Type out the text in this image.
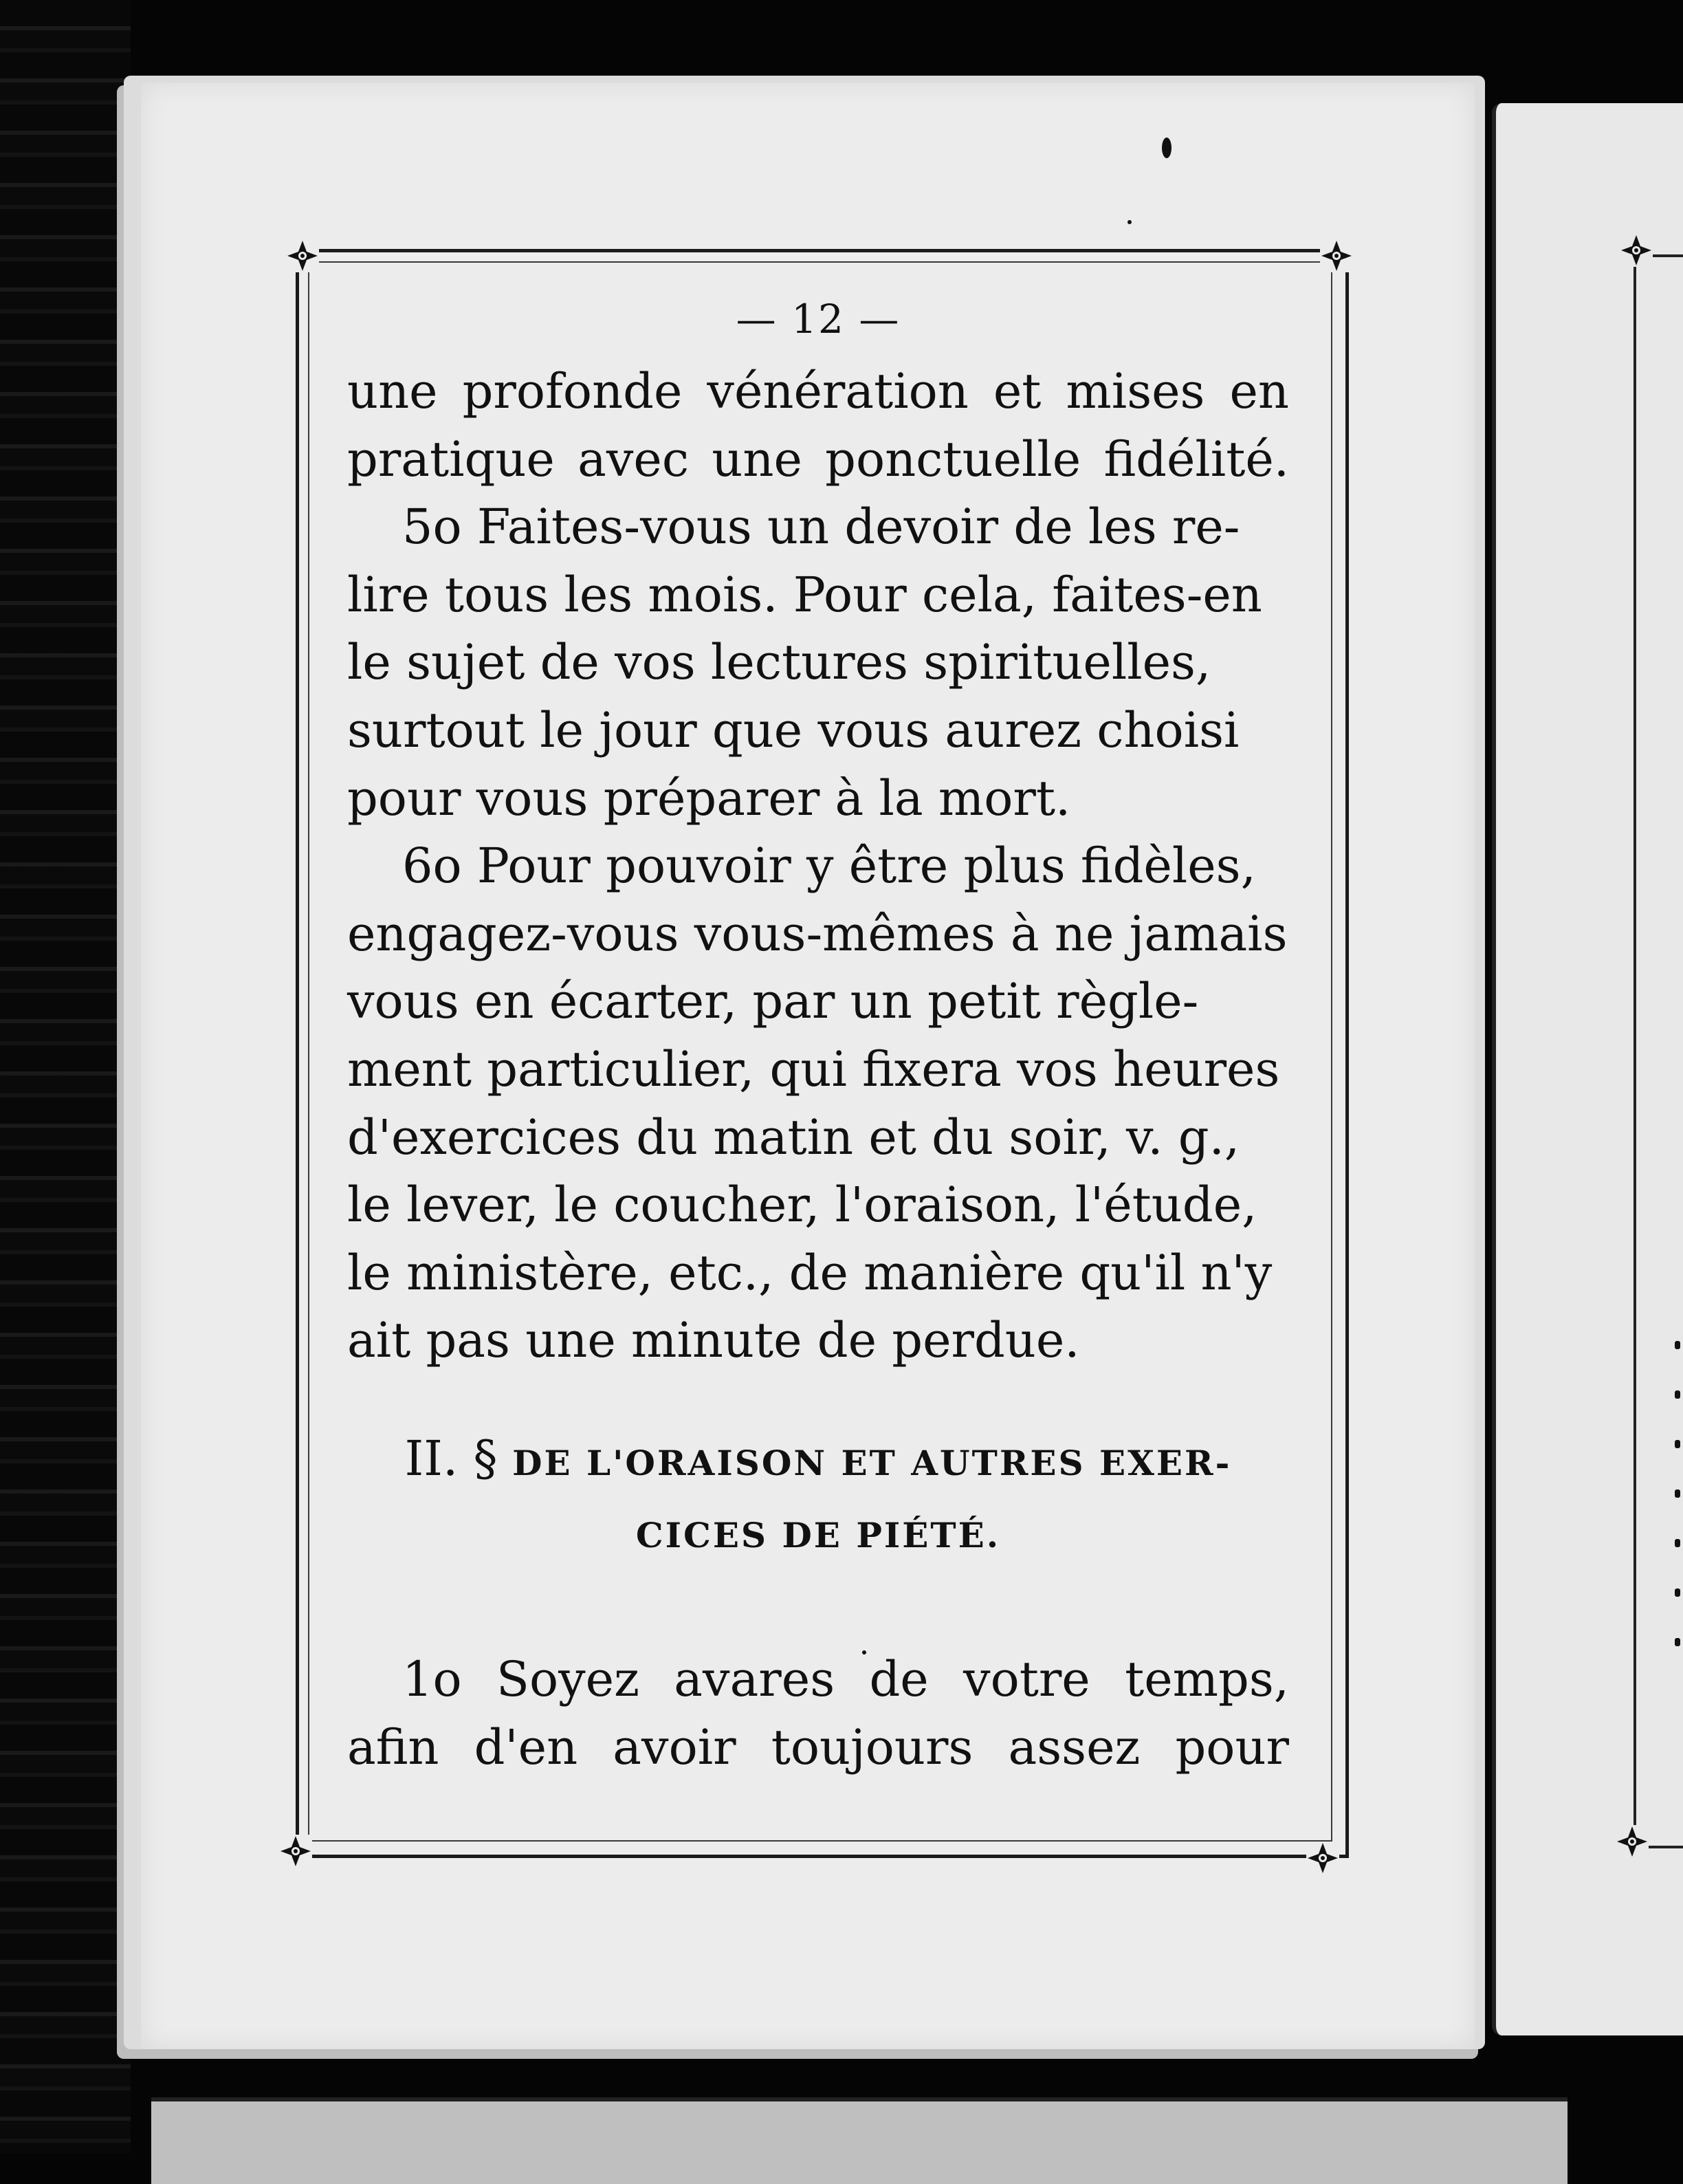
— 12 —

une profonde vénération et mises en
pratique avec une ponctuelle fidélité.

5o Faites-vous un devoir de les re-
lire tous les mois. Pour cela, faites-en
le sujet de vos lectures spirituelles,
surtout le jour que vous aurez choisi
pour vous préparer à la mort.

6o Pour pouvoir y être plus fidèles,
engagez-vous vous-mêmes à ne jamais
vous en écarter, par un petit règle-
ment particulier, qui fixera vos heures
d'exercices du matin et du soir, v. g.,
le lever, le coucher, l'oraison, l'étude,
le ministère, etc., de manière qu'il n'y
ait pas une minute de perdue.

II. § DE L'ORAISON ET AUTRES EXER-
CICES DE PIÉTÉ.

1o Soyez avares de votre temps,
afin d'en avoir toujours assez pour
